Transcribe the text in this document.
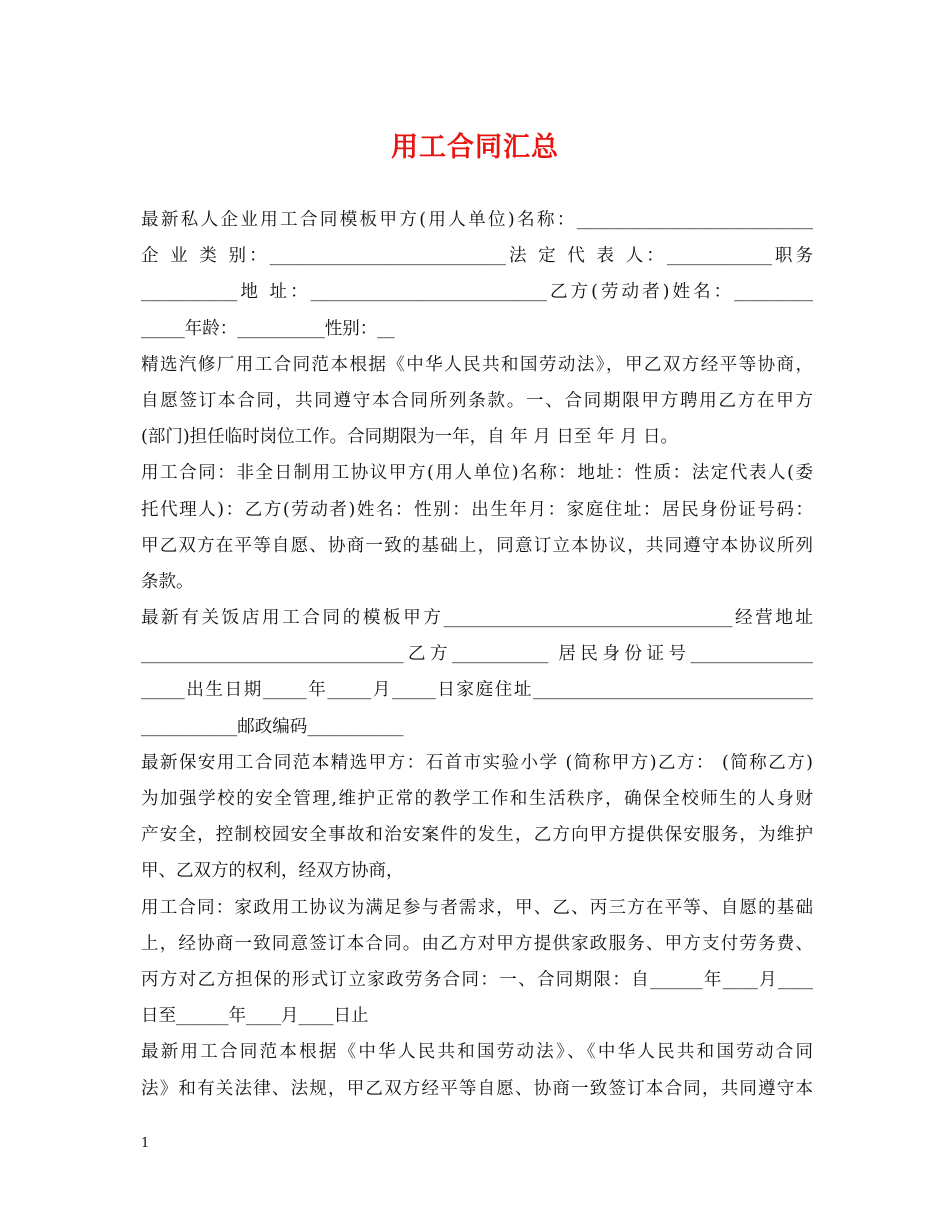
用工合同汇总
最新私人企业用工合同模板甲方(用人单位)名称：___________________________
企 业 类 别：___________________________法 定 代 表 人：____________职务
___________地 址：___________________________乙方(劳动者)姓名：_________
_____年龄：__________性别：__
精选汽修厂用工合同范本根据《中华人民共和国劳动法》，甲乙双方经平等协商，
自愿签订本合同，共同遵守本合同所列条款。一、合同期限甲方聘用乙方在甲方
(部门)担任临时岗位工作。合同期限为一年，自 年 月 日至 年 月 日。
用工合同：非全日制用工协议甲方(用人单位)名称：地址：性质：法定代表人(委
托代理人)：乙方(劳动者)姓名：性别：出生年月：家庭住址：居民身份证号码：
甲乙双方在平等自愿、协商一致的基础上，同意订立本协议，共同遵守本协议所列
条款。
最新有关饭店用工合同的模板甲方_________________________________经营地址
______________________________乙方___________ 居民身份证号______________
_____出生日期_____年_____月_____日家庭住址________________________________
___________邮政编码___________
最新保安用工合同范本精选甲方：石首市实验小学 (简称甲方)乙方： (简称乙方)
为加强学校的安全管理,维护正常的教学工作和生活秩序，确保全校师生的人身财
产安全，控制校园安全事故和治安案件的发生，乙方向甲方提供保安服务，为维护
甲、乙双方的权利，经双方协商，
用工合同：家政用工协议为满足参与者需求，甲、乙、丙三方在平等、自愿的基础
上，经协商一致同意签订本合同。由乙方对甲方提供家政服务、甲方支付劳务费、
丙方对乙方担保的形式订立家政劳务合同：一、合同期限：自______年____月____
日至______年____月____日止
最新用工合同范本根据《中华人民共和国劳动法》、《中华人民共和国劳动合同
法》和有关法律、法规，甲乙双方经平等自愿、协商一致签订本合同，共同遵守本
1
